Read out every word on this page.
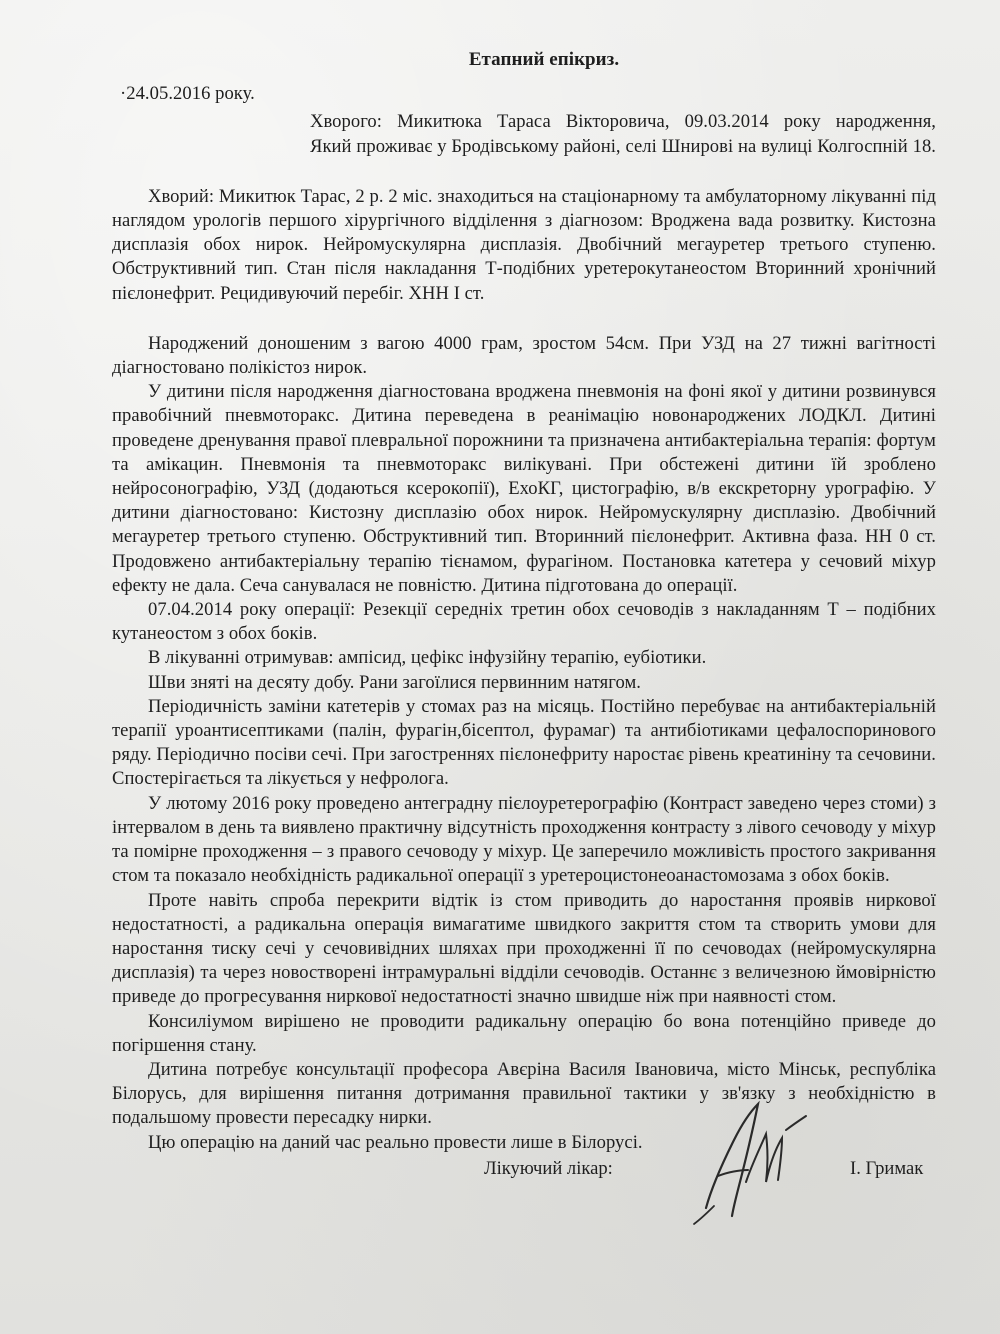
Етапний епікриз.
·24.05.2016 року.
Хворого: Микитюка Тараса Вікторовича, 09.03.2014 року народження,
Який проживає у Бродівському районі, селі Шнирові на вулиці Колгоспній 18.

Хворий: Микитюк Тарас, 2 р. 2 міс. знаходиться на стаціонарному та амбулаторному лікуванні під наглядом урологів першого хірургічного відділення з діагнозом: Вроджена вада розвитку. Кистозна дисплазія обох нирок. Нейромускулярна дисплазія. Двобічний мегауретер третього ступеню. Обструктивний тип. Стан після накладання Т-подібних уретерокутанеостом Вторинний хронічний пієлонефрит. Рецидивуючий перебіг. ХНН І ст.

Народжений доношеним з вагою 4000 грам, зростом 54см. При УЗД на 27 тижні вагітності діагностовано полікістоз нирок.

У дитини після народження діагностована вроджена пневмонія на фоні якої у дитини розвинувся правобічний пневмоторакс. Дитина переведена в реанімацію новонароджених ЛОДКЛ. Дитині проведене дренування правої плевральної порожнини та призначена антибактеріальна терапія: фортум та амікацин. Пневмонія та пневмоторакс вилікувані. При обстежені дитини їй зроблено нейросонографію, УЗД (додаються ксерокопії), ЕхоКГ, цистографію, в/в екскреторну урографію. У дитини діагностовано: Кистозну дисплазію обох нирок. Нейромускулярну дисплазію. Двобічний мегауретер третього ступеню. Обструктивний тип. Вторинний пієлонефрит. Активна фаза. НН 0 ст. Продовжено антибактеріальну терапію тієнамом, фурагіном. Постановка катетера у сечовий міхур ефекту не дала. Сеча санувалася не повністю. Дитина підготована до операції.

07.04.2014 року операції: Резекції середніх третин обох сечоводів з накладанням Т – подібних кутанеостом з обох боків.

В лікуванні отримував: ампісид, цефікс інфузійну терапію, еубіотики.

Шви зняті на десяту добу. Рани загоїлися первинним натягом.

Періодичність заміни катетерів у стомах раз на місяць. Постійно перебуває на антибактеріальній терапії уроантисептиками (палін, фурагін,бісептол, фурамаг) та антибіотиками цефалоспоринового ряду. Періодично посіви сечі. При загостреннях пієлонефриту наростає рівень креатиніну та сечовини. Спостерігається та лікується у нефролога.

У лютому 2016 року проведено антеградну пієлоуретерографію (Контраст заведено через стоми) з інтервалом в день та виявлено практичну відсутність проходження контрасту з лівого сечоводу у міхур та помірне проходження – з правого сечоводу у міхур. Це заперечило можливість простого закривання стом та показало необхідність радикальної операції з уретероцистонеоанастомозама з обох боків.

Проте навіть спроба перекрити відтік із стом приводить до наростання проявів ниркової недостатності, а радикальна операція вимагатиме швидкого закриття стом та створить умови для наростання тиску сечі у сечовивідних шляхах при проходженні її по сечоводах (нейромускулярна дисплазія) та через новостворені інтрамуральні відділи сечоводів. Останнє з величезною ймовірністю приведе до прогресування ниркової недостатності значно швидше ніж при наявності стом.

Консиліумом вирішено не проводити радикальну операцію бо вона потенційно приведе до погіршення стану.

Дитина потребує консультації професора Авєріна Василя Івановича, місто Мінськ, республіка Білорусь, для вирішення питання дотримання правильної тактики у зв'язку з необхідністю в подальшому провести пересадку нирки.

Цю операцію на даний час реально провести лише в Білорусі.

Лікуючий лікар:	І. Гримак
